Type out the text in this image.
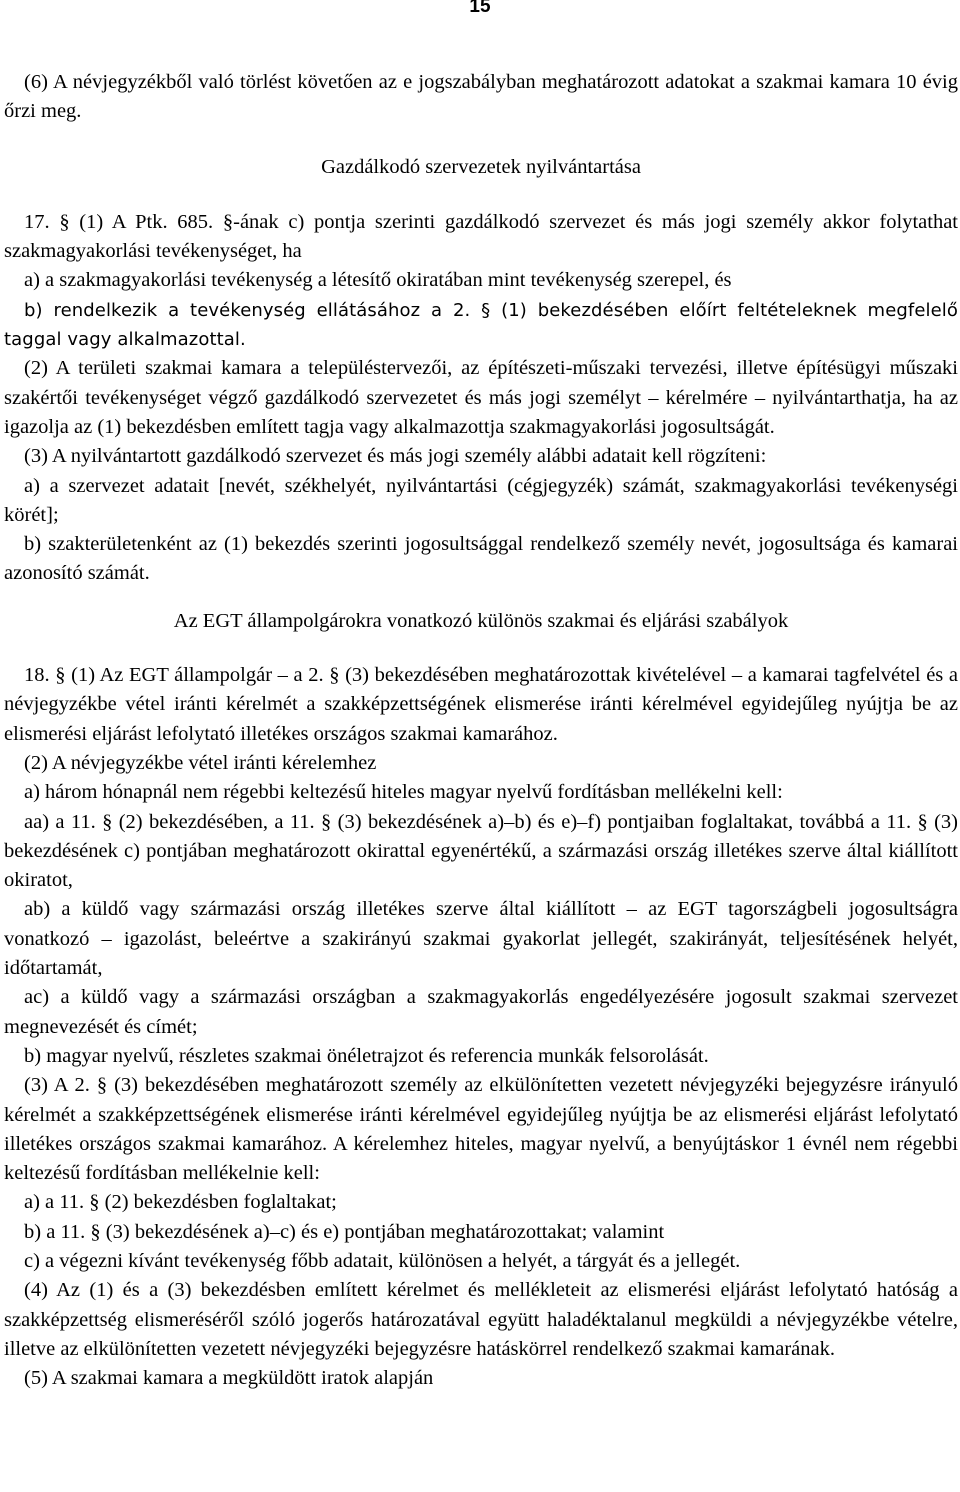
15

(6) A névjegyzékből való törlést követően az e jogszabályban meghatározott adatokat a szakmai kamara 10 évig őrzi meg.

Gazdálkodó szervezetek nyilvántartása

17. § (1) A Ptk. 685. §-ának c) pontja szerinti gazdálkodó szervezet és más jogi személy akkor folytathat szakmagyakorlási tevékenységet, ha

a) a szakmagyakorlási tevékenység a létesítő okiratában mint tevékenység szerepel, és

b) rendelkezik a tevékenység ellátásához a 2. § (1) bekezdésében előírt feltételeknek megfelelő taggal vagy alkalmazottal.

(2) A területi szakmai kamara a településtervezői, az építészeti-műszaki tervezési, illetve építésügyi műszaki szakértői tevékenységet végző gazdálkodó szervezetet és más jogi személyt – kérelmére – nyilvántarthatja, ha az igazolja az (1) bekezdésben említett tagja vagy alkalmazottja szakmagyakorlási jogosultságát.

(3) A nyilvántartott gazdálkodó szervezet és más jogi személy alábbi adatait kell rögzíteni:

a) a szervezet adatait [nevét, székhelyét, nyilvántartási (cégjegyzék) számát, szakmagyakorlási tevékenységi körét];

b) szakterületenként az (1) bekezdés szerinti jogosultsággal rendelkező személy nevét, jogosultsága és kamarai azonosító számát.

Az EGT állampolgárokra vonatkozó különös szakmai és eljárási szabályok

18. § (1) Az EGT állampolgár – a 2. § (3) bekezdésében meghatározottak kivételével – a kamarai tagfelvétel és a névjegyzékbe vétel iránti kérelmét a szakképzettségének elismerése iránti kérelmével egyidejűleg nyújtja be az elismerési eljárást lefolytató illetékes országos szakmai kamarához.

(2) A névjegyzékbe vétel iránti kérelemhez

a) három hónapnál nem régebbi keltezésű hiteles magyar nyelvű fordításban mellékelni kell:

aa) a 11. § (2) bekezdésében, a 11. § (3) bekezdésének a)–b) és e)–f) pontjaiban foglaltakat, továbbá a 11. § (3) bekezdésének c) pontjában meghatározott okirattal egyenértékű, a származási ország illetékes szerve által kiállított okiratot,

ab) a küldő vagy származási ország illetékes szerve által kiállított – az EGT tagországbeli jogosultságra vonatkozó – igazolást, beleértve a szakirányú szakmai gyakorlat jellegét, szakirányát, teljesítésének helyét, időtartamát,

ac) a küldő vagy a származási országban a szakmagyakorlás engedélyezésére jogosult szakmai szervezet megnevezését és címét;

b) magyar nyelvű, részletes szakmai önéletrajzot és referencia munkák felsorolását.

(3) A 2. § (3) bekezdésében meghatározott személy az elkülönítetten vezetett névjegyzéki bejegyzésre irányuló kérelmét a szakképzettségének elismerése iránti kérelmével egyidejűleg nyújtja be az elismerési eljárást lefolytató illetékes országos szakmai kamarához. A kérelemhez hiteles, magyar nyelvű, a benyújtáskor 1 évnél nem régebbi keltezésű fordításban mellékelnie kell:

a) a 11. § (2) bekezdésben foglaltakat;

b) a 11. § (3) bekezdésének a)–c) és e) pontjában meghatározottakat; valamint

c) a végezni kívánt tevékenység főbb adatait, különösen a helyét, a tárgyát és a jellegét.

(4) Az (1) és a (3) bekezdésben említett kérelmet és mellékleteit az elismerési eljárást lefolytató hatóság a szakképzettség elismeréséről szóló jogerős határozatával együtt haladéktalanul megküldi a névjegyzékbe vételre, illetve az elkülönítetten vezetett névjegyzéki bejegyzésre hatáskörrel rendelkező szakmai kamarának.

(5) A szakmai kamara a megküldött iratok alapján
